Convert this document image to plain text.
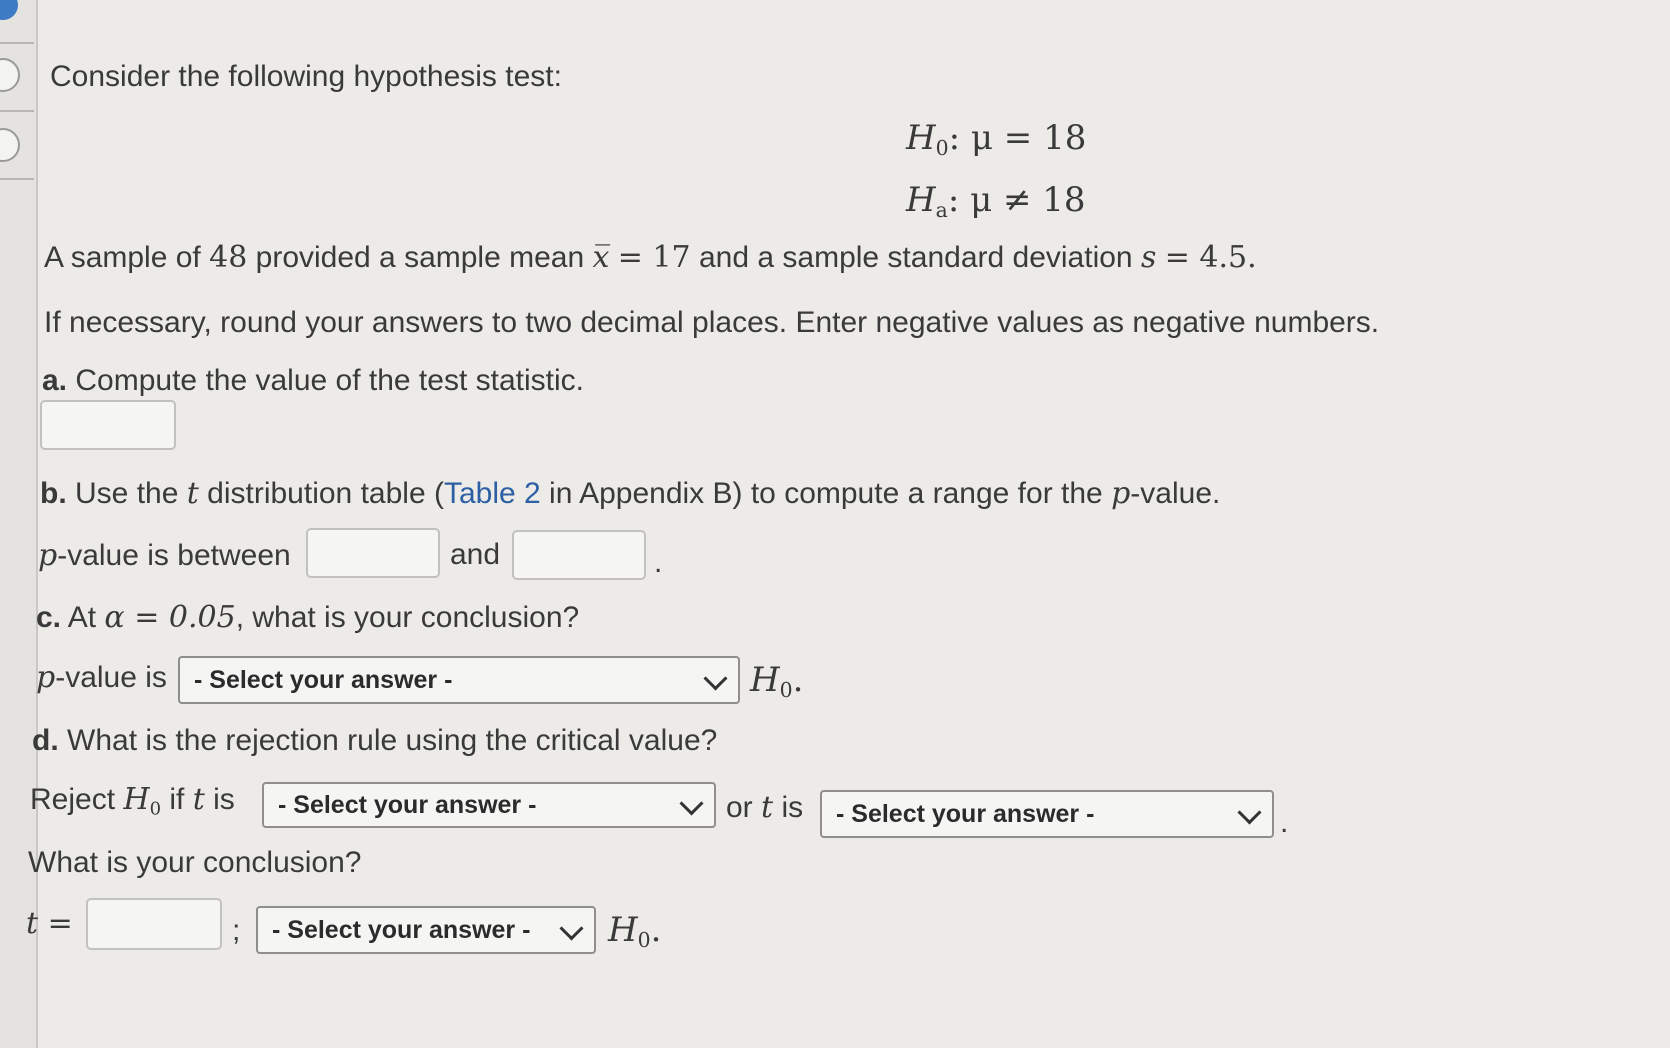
Consider the following hypothesis test:
$H_0$: μ = 18
$H_a$: μ ≠ 18
A sample of 48 provided a sample mean x̅ = 17 and a sample standard deviation s = 4.5.
If necessary, round your answers to two decimal places. Enter negative values as negative numbers.
a. Compute the value of the test statistic.
b. Use the t distribution table (Table 2 in Appendix B) to compute a range for the p-value.
p-value is between	and	.
c. At α = 0.05, what is your conclusion?
p-value is - Select your answer -	$H_0$.
d. What is the rejection rule using the critical value?
Reject $H_0$ if t is - Select your answer -	or t is - Select your answer -	.
What is your conclusion?
t =	; - Select your answer - $H_0$.
